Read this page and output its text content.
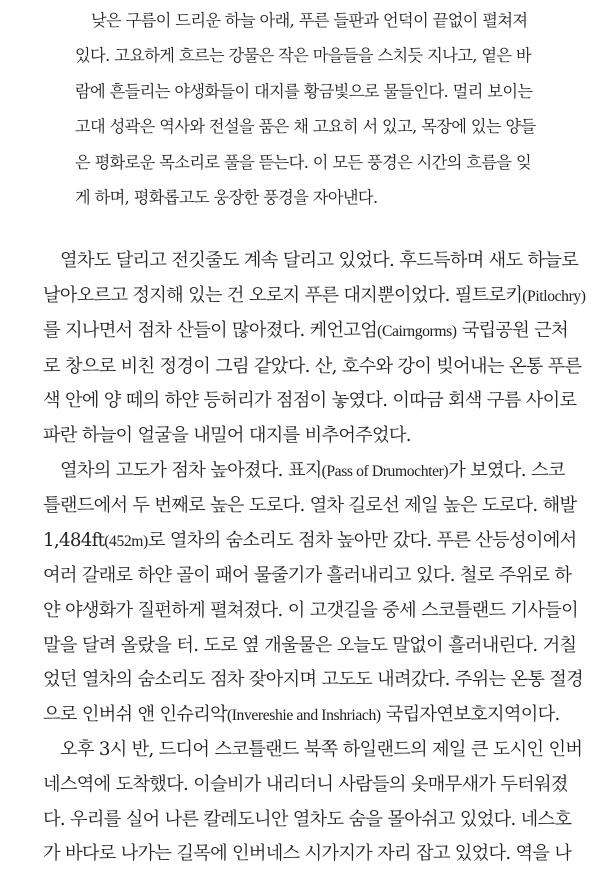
낮은 구름이 드리운 하늘 아래, 푸른 들판과 언덕이 끝없이 펼쳐져
있다. 고요하게 흐르는 강물은 작은 마을들을 스치듯 지나고, 옅은 바
람에 흔들리는 야생화들이 대지를 황금빛으로 물들인다. 멀리 보이는
고대 성곽은 역사와 전설을 품은 채 고요히 서 있고, 목장에 있는 양들
은 평화로운 목소리로 풀을 뜯는다. 이 모든 풍경은 시간의 흐름을 잊
게 하며, 평화롭고도 웅장한 풍경을 자아낸다.
열차도 달리고 전깃줄도 계속 달리고 있었다. 후드득하며 새도 하늘로
날아오르고 정지해 있는 건 오로지 푸른 대지뿐이었다. 필트로키(Pitlochry)
를 지나면서 점차 산들이 많아졌다. 케언고엄(Cairngorms) 국립공원 근처
로 창으로 비친 정경이 그림 같았다. 산, 호수와 강이 빚어내는 온통 푸른
색 안에 양 떼의 하얀 등허리가 점점이 놓였다. 이따금 회색 구름 사이로
파란 하늘이 얼굴을 내밀어 대지를 비추어주었다.
열차의 고도가 점차 높아졌다. 표지(Pass of Drumochter)가 보였다. 스코
틀랜드에서 두 번째로 높은 도로다. 열차 길로선 제일 높은 도로다. 해발
1,484ft(452m)로 열차의 숨소리도 점차 높아만 갔다. 푸른 산등성이에서
여러 갈래로 하얀 골이 패어 물줄기가 흘러내리고 있다. 철로 주위로 하
얀 야생화가 질펀하게 펼쳐졌다. 이 고갯길을 중세 스코틀랜드 기사들이
말을 달려 올랐을 터. 도로 옆 개울물은 오늘도 말없이 흘러내린다. 거칠
었던 열차의 숨소리도 점차 잦아지며 고도도 내려갔다. 주위는 온통 절경
으로 인버쉬 앤 인슈리악(Invereshie and Inshriach) 국립자연보호지역이다.
오후 3시 반, 드디어 스코틀랜드 북쪽 하일랜드의 제일 큰 도시인 인버
네스역에 도착했다. 이슬비가 내리더니 사람들의 옷매무새가 두터워졌
다. 우리를 실어 나른 칼레도니안 열차도 숨을 몰아쉬고 있었다. 네스호
가 바다로 나가는 길목에 인버네스 시가지가 자리 잡고 있었다. 역을 나
